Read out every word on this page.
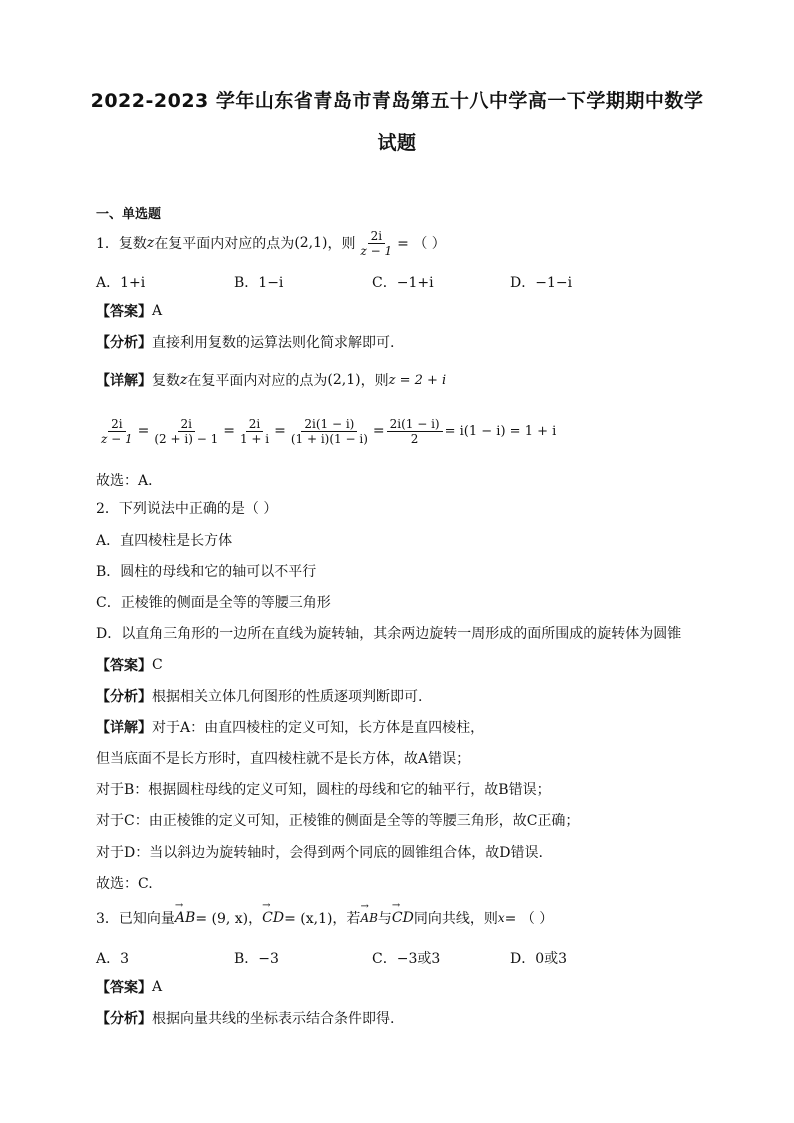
2022-2023 学年山东省青岛市青岛第五十八中学高一下学期期中数学
试题
一、单选题
1．复数 z 在复平面内对应的点为 (2,1) ，则 $\frac{2i}{z - 1}$ = （ ）
A．1+i	B．1−i	C．−1+i	D．−1−i
【答案】 A
【分析】 直接利用复数的运算法则化简求解即可.
【详解】 复数 z 在复平面内对应的点为 (2,1) ，则 z = 2 + i
$\frac{2i}{z - 1} = \frac{2i}{(2 + i) - 1} = \frac{2i}{1 + i} = \frac{2i(1 - i)}{(1 + i)(1 - i)} = \frac{2i(1 - i)}{2} = i(1 - i) = 1 + i$
故选：A．
2．下列说法中正确的是（ ）
A．直四棱柱是长方体
B．圆柱的母线和它的轴可以不平行
C．正棱锥的侧面是全等的等腰三角形
D．以直角三角形的一边所在直线为旋转轴，其余两边旋转一周形成的面所围成的旋转体为圆锥
【答案】 C
【分析】 根据相关立体几何图形的性质逐项判断即可.
【详解】 对于A：由直四棱柱的定义可知，长方体是直四棱柱，
但当底面不是长方形时，直四棱柱就不是长方体，故A错误；
对于B：根据圆柱母线的定义可知，圆柱的母线和它的轴平行，故B错误；
对于C：由正棱锥的定义可知，正棱锥的侧面是全等的等腰三角形，故C正确；
对于D：当以斜边为旋转轴时，会得到两个同底的圆锥组合体，故D错误.
故选：C.
3．已知向量 → AB = (9, x)， → CD = (x,1)，若 → AB 与 → CD 同向共线，则 x = （ ）
A．3	B．−3	C．−3或3	D．0或3
【答案】 A
【分析】 根据向量共线的坐标表示结合条件即得.
